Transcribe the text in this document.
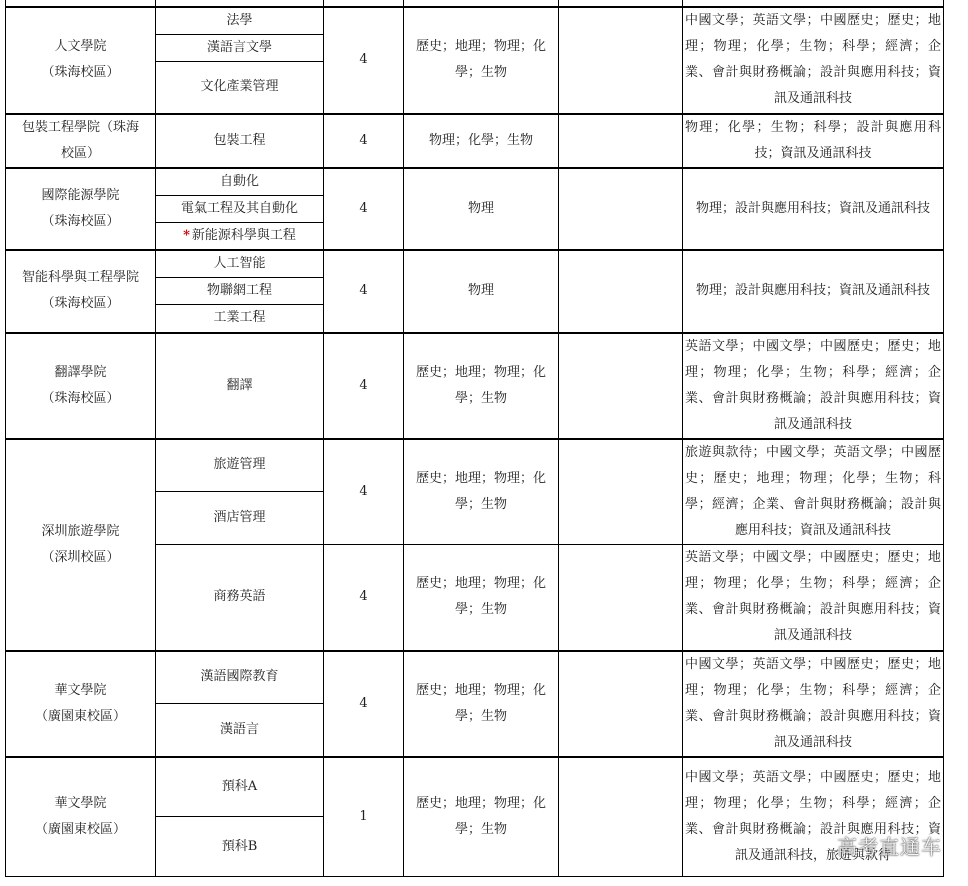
人文學院
（珠海校區）	法學	4	歷史；地理；物理；化學；生物		中國文學；英語文學；中國歷史；歷史；地理；物理；化學；生物；科學；經濟；企業、會計與財務概論；設計與應用科技；資訊及通訊科技
	漢語言文學				
	文化產業管理				
包裝工程學院（珠海
校區）	包裝工程	4	物理；化學；生物		物理；化學；生物；科學；設計與應用科技；資訊及通訊科技
國際能源學院
（珠海校區）	自動化	4	物理		物理；設計與應用科技；資訊及通訊科技
	電氣工程及其自動化				
	* 新能源科學與工程				
智能科學與工程學院
（珠海校區）	人工智能	4	物理		物理；設計與應用科技；資訊及通訊科技
	物聯網工程				
	工業工程				
翻譯學院
（珠海校區）	翻譯	4	歷史；地理；物理；化學；生物		英語文學；中國文學；中國歷史；歷史；地理；物理；化學；生物；科學；經濟；企業、會計與財務概論；設計與應用科技；資訊及通訊科技
深圳旅遊學院
（深圳校區）	旅遊管理	4	歷史；地理；物理；化學；生物		旅遊與款待；中國文學；英語文學；中國歷史；歷史；地理；物理；化學；生物；科學；經濟；企業、會計與財務概論；設計與應用科技；資訊及通訊科技
	酒店管理				
	商務英語	4	歷史；地理；物理；化學；生物		英語文學；中國文學；中國歷史；歷史；地理；物理；化學；生物；科學；經濟；企業、會計與財務概論；設計與應用科技；資訊及通訊科技
華文學院
（廣園東校區）	漢語國際教育	4	歷史；地理；物理；化學；生物		中國文學；英語文學；中國歷史；歷史；地理；物理；化學；生物；科學；經濟；企業、會計與財務概論；設計與應用科技；資訊及通訊科技
	漢語言				
華文學院
（廣園東校區）	預科A	1	歷史；地理；物理；化學；生物		中國文學；英語文學；中國歷史；歷史；地理；物理；化學；生物；科學；經濟；企業、會計與財務概論；設計與應用科技；資訊及通訊科技，旅遊與款待
	預科B					高考直通车
